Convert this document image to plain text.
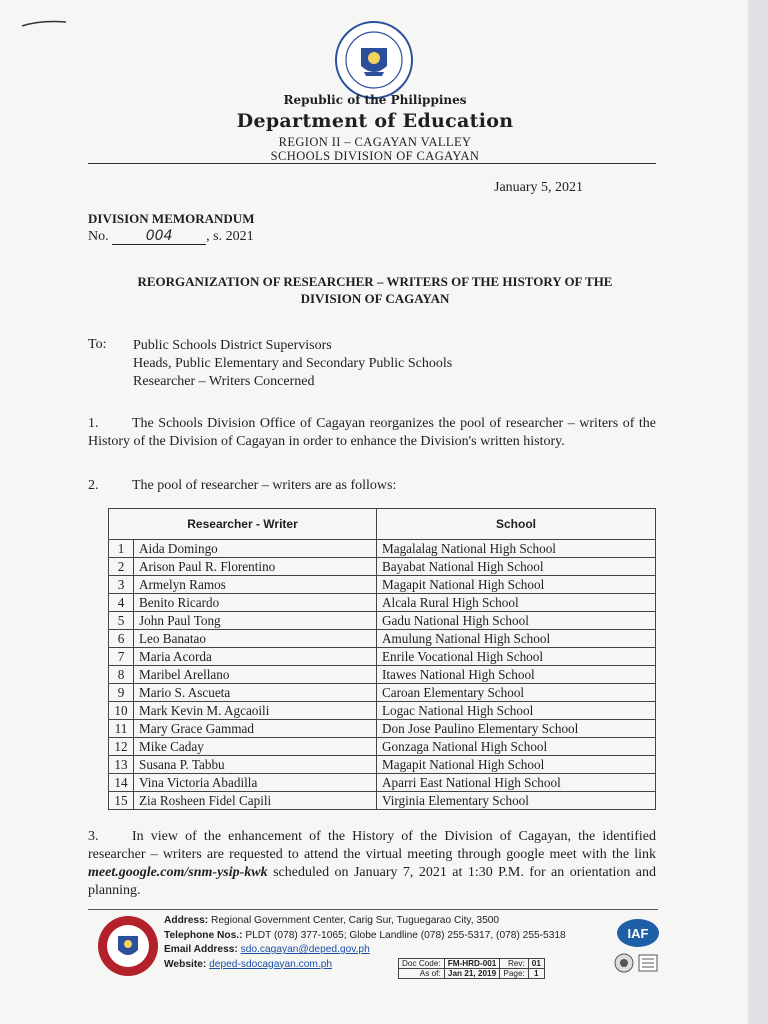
Republic of the Philippines
Department of Education
REGION II – CAGAYAN VALLEY
SCHOOLS DIVISION OF CAGAYAN
January 5, 2021
DIVISION MEMORANDUM
No.	004 , s. 2021
REORGANIZATION OF RESEARCHER – WRITERS OF THE HISTORY OF THE
DIVISION OF CAGAYAN
To: Public Schools District Supervisors
Heads, Public Elementary and Secondary Public Schools
Researcher – Writers Concerned
1. The Schools Division Office of Cagayan reorganizes the pool of researcher – writers of the History of the Division of Cagayan in order to enhance the Division's written history.
2. The pool of researcher – writers are as follows:
Researcher - Writer		School
1	Aida Domingo	Magalalag National High School
2	Arison Paul R. Florentino	Bayabat National High School
3	Armelyn Ramos	Magapit National High School
4	Benito Ricardo	Alcala Rural High School
5	John Paul Tong	Gadu National High School
6	Leo Banatao	Amulung National High School
7	Maria Acorda	Enrile Vocational High School
8	Maribel Arellano	Itawes National High School
9	Mario S. Ascueta	Caroan Elementary School
10	Mark Kevin M. Agcaoili	Logac National High School
11	Mary Grace Gammad	Don Jose Paulino Elementary School
12	Mike Caday	Gonzaga National High School
13	Susana P. Tabbu	Magapit National High School
14	Vina Victoria Abadilla	Aparri East National High School
15	Zia Rosheen Fidel Capili	Virginia Elementary School
3. In view of the enhancement of the History of the Division of Cagayan, the identified researcher – writers are requested to attend the virtual meeting through google meet with the link meet.google.com/snm-ysip-kwk scheduled on January 7, 2021 at 1:30 P.M. for an orientation and planning.
Address: Regional Government Center, Carig Sur, Tuguegarao City, 3500
Telephone Nos.: PLDT (078) 377-1065; Globe Landline (078) 255-5317, (078) 255-5318
Email Address: sdo.cagayan@deped.gov.ph
Website: deped-sdocagayan.com.ph
IAF
Doc Code:	FM-HRD-001	Rev:	01
As of:	Jan 21, 2019	Page:	1
